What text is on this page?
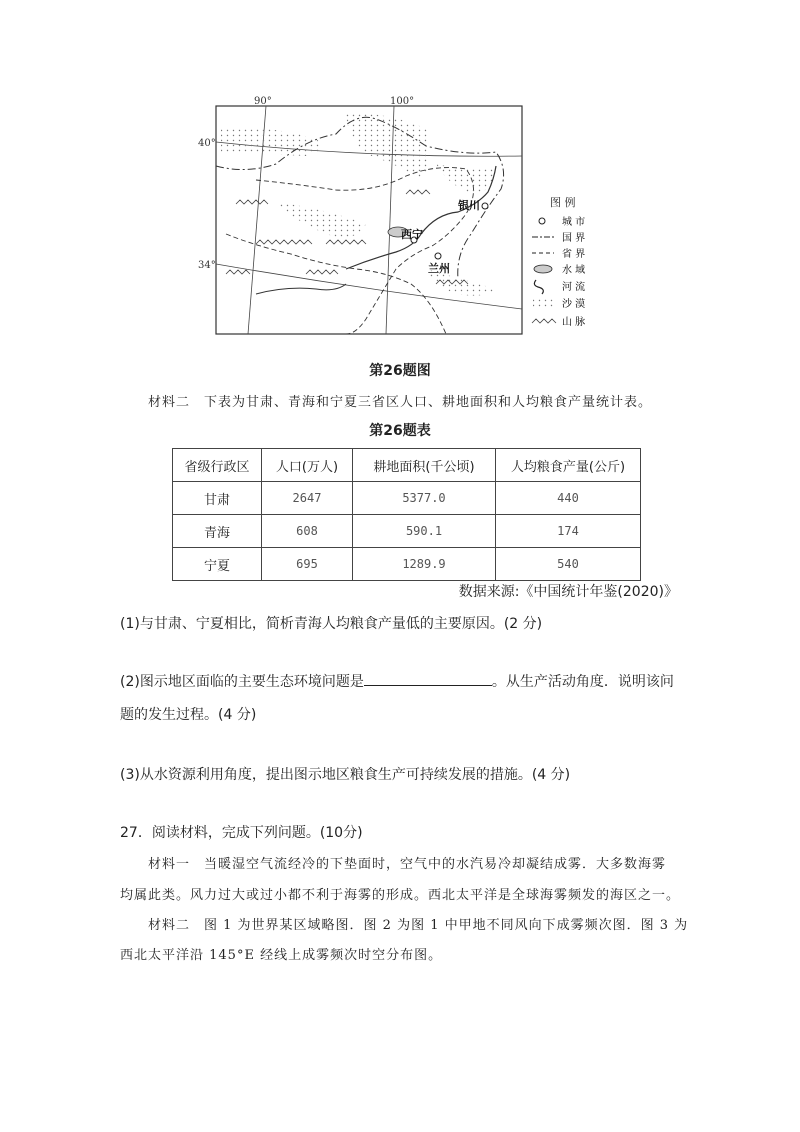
90°	100°
40°
34°
银川
西宁
兰州
图 例
城 市
国 界
省 界
水 域
河 流
沙 漠
山 脉
第26题图
材料二　下表为甘肃、青海和宁夏三省区人口、耕地面积和人均粮食产量统计表。
第26题表
省级行政区	人口(万人)	耕地面积(千公顷)	人均粮食产量(公斤)
甘肃	2647	5377.0	440
青海	608	590.1	174
宁夏	695	1289.9	540
数据来源:《中国统计年鉴(2020)》
(1)与甘肃、宁夏相比，简析青海人均粮食产量低的主要原因。(2 分)
(2)图示地区面临的主要生态环境问题是	。从生产活动角度．说明该问
题的发生过程。(4 分)
(3)从水资源利用角度，提出图示地区粮食生产可持续发展的措施。(4 分)
27．阅读材料，完成下列问题。(10分)
材料一　当暖湿空气流经冷的下垫面时，空气中的水汽易冷却凝结成雾．大多数海雾
均属此类。风力过大或过小都不利于海雾的形成。西北太平洋是全球海雾频发的海区之一。
材料二　图 1 为世界某区域略图．图 2 为图 1 中甲地不同风向下成雾频次图．图 3 为
西北太平洋沿 145°E 经线上成雾频次时空分布图。
